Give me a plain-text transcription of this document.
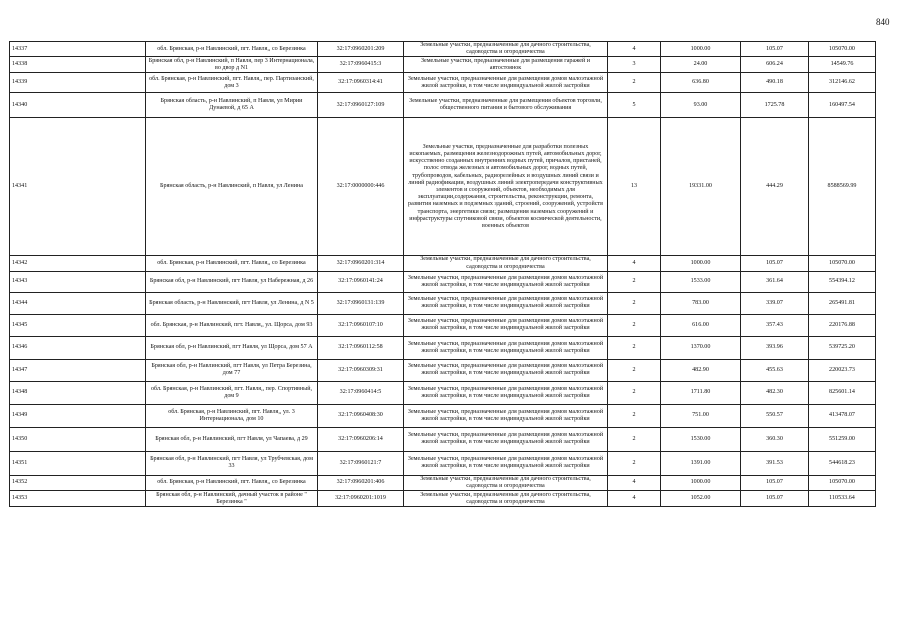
840
14337	обл. Брянская, р-н Навлинский, пгт. Навля,, со Березинка	32:17:0960201:209	Земельные участки, предназначенные для дачного строительства, садоводства и огородничества	4	1000.00	105.07	105070.00
14338	Брянская обл, р-н Навлинский, п Навля, пер 3 Интернационала, во двор д N1	32:17:0960415:3	Земельные участки, предназначенные для размещения гаражей и автостоянок	3	24.00	606.24	14549.76
14339	обл. Брянская, р-н Навлинский, пгт. Навля,, пер. Партизанский, дом 3	32:17:0960314:41	Земельные участки, предназначенные для размещения домов малоэтажной жилой застройки, в том числе индивидуальной жилой застройки	2	636.80	490.18	312146.62
14340	Брянская область, р-н Навлинский, п Навля, ул Мирии Дунаевой, д 65 А	32:17:0960127:109	Земельные участки, предназначенные для размещения объектов торговли, общественного питания и бытового обслуживания	5	93.00	1725.78	160497.54
14341	Брянская область, р-н Навлинский, п Навля, ул Ленина	32:17:0000000:446	Земельные участки, предназначенные для разработки полезных ископаемых, размещения железнодорожных путей, автомобильных дорог, искусственно созданных внутренних водных путей, причалов, пристаней, полос отвода железных и автомобильных дорог, водных путей, трубопроводов, кабельных, радиорелейных и воздушных линий связи и линий радиофикации, воздушных линий электропередачи конструктивных элементов и сооружений, объектов, необходимых для эксплуатации,содержания, строительства, реконструкции, ремонта, развития наземных и подземных зданий, строений, сооружений, устройств транспорта, энергетики связи; размещения наземных сооружений и инфраструктуры спутниковой связи, объектов космической деятельности, военных объектов	13	19331.00	444.29	8588569.99
14342	обл. Брянская, р-н Навлинский, пгт. Навля,, со Березинка	32:17:0960201:314	Земельные участки, предназначенные для дачного строительства, садоводства и огородничества	4	1000.00	105.07	105070.00
14343	Брянская обл, р-н Навлинский, пгт Навля, ул Набережная, д 26	32:17:0960141:24	Земельные участки, предназначенные для размещения домов малоэтажной жилой застройки, в том числе индивидуальной жилой застройки	2	1533.00	361.64	554394.12
14344	Брянская область, р-н Навлинский, пгт Навля, ул Ленина, д N 5	32:17:0960131:139	Земельные участки, предназначенные для размещения домов малоэтажной жилой застройки, в том числе индивидуальной жилой застройки	2	783.00	339.07	265491.81
14345	обл. Брянская, р-н Навлинский, пгт. Навля,, ул. Щорса, дом 93	32:17:0960107:10	Земельные участки, предназначенные для размещения домов малоэтажной жилой застройки, в том числе индивидуальной жилой застройки	2	616.00	357.43	220176.88
14346	Брянская обл, р-н Навлинский, пгт Навля, ул Щорса, дом 57 А	32:17:0960112:58	Земельные участки, предназначенные для размещения домов малоэтажной жилой застройки, в том числе индивидуальной жилой застройки	2	1370.00	393.96	539725.20
14347	Брянская обл, р-н Навлинский, пгт Навля, ул Петра Березина, дом 77	32:17:0960309:31	Земельные участки, предназначенные для размещения домов малоэтажной жилой застройки, в том числе индивидуальной жилой застройки	2	482.90	455.63	220023.73
14348	обл. Брянская, р-н Навлинский, пгт. Навля,, пер. Спортивный, дом 9	32:17:0960414:5	Земельные участки, предназначенные для размещения домов малоэтажной жилой застройки, в том числе индивидуальной жилой застройки	2	1711.80	482.30	825601.14
14349	обл. Брянская, р-н Навлинский, пгт. Навля,, ул. 3 Интернационала, дом 10	32:17:0960408:30	Земельные участки, предназначенные для размещения домов малоэтажной жилой застройки, в том числе индивидуальной жилой застройки	2	751.00	550.57	413478.07
14350	Брянская обл, р-н Навлинский, пгт Навля, ул Чапаева, д 29	32:17:0960206:14	Земельные участки, предназначенные для размещения домов малоэтажной жилой застройки, в том числе индивидуальной жилой застройки	2	1530.00	360.30	551259.00
14351	Брянская обл, р-н Навлинский, пгт Навля, ул Трубчевская, дом 33	32:17:0960121:7	Земельные участки, предназначенные для размещения домов малоэтажной жилой застройки, в том числе индивидуальной жилой застройки	2	1391.00	391.53	544618.23
14352	обл. Брянская, р-н Навлинский, пгт. Навля,, со Березинка	32:17:0960201:406	Земельные участки, предназначенные для дачного строительства, садоводства и огородничества	4	1000.00	105.07	105070.00
14353	Брянская обл, р-н Навлинский, дачный участок в районе " Березинка "	32:17:0960201:1019	Земельные участки, предназначенные для дачного строительства, садоводства и огородничества	4	1052.00	105.07	110533.64
